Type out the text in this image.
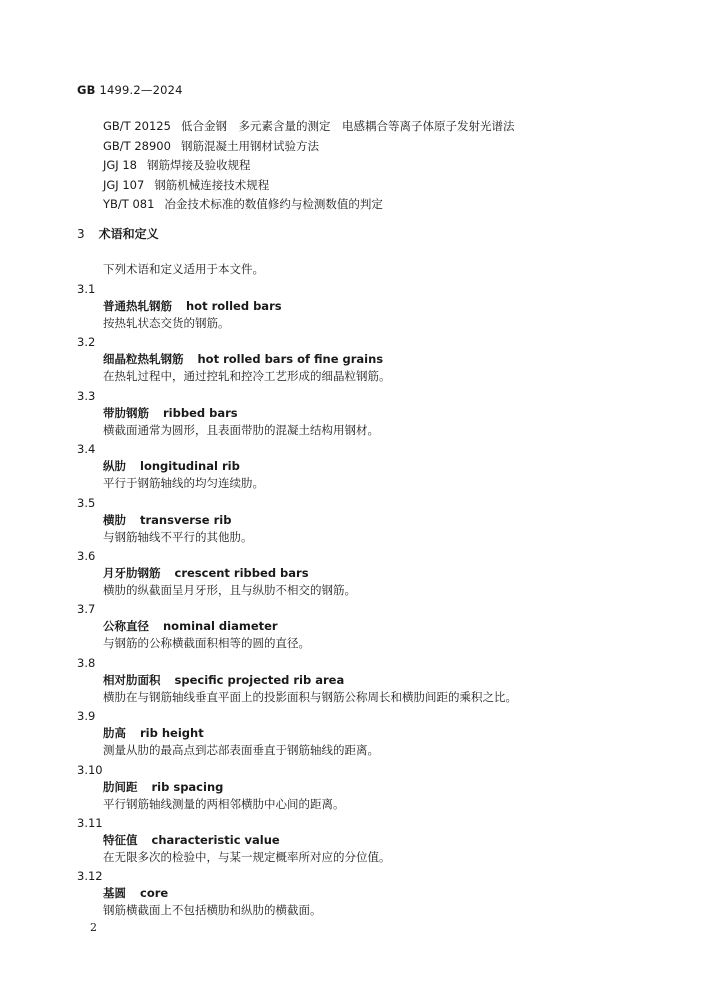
GB 1499.2—2024
GB/T 20125 低合金钢　多元素含量的测定　电感耦合等离子体原子发射光谱法
GB/T 28900 钢筋混凝土用钢材试验方法
JGJ 18 钢筋焊接及验收规程
JGJ 107 钢筋机械连接技术规程
YB/T 081 冶金技术标准的数值修约与检测数值的判定
3 术语和定义
下列术语和定义适用于本文件。
3.1
普通热轧钢筋 hot rolled bars
按热轧状态交货的钢筋。
3.2
细晶粒热轧钢筋 hot rolled bars of fine grains
在热轧过程中，通过控轧和控冷工艺形成的细晶粒钢筋。
3.3
带肋钢筋 ribbed bars
横截面通常为圆形，且表面带肋的混凝土结构用钢材。
3.4
纵肋 longitudinal rib
平行于钢筋轴线的均匀连续肋。
3.5
横肋 transverse rib
与钢筋轴线不平行的其他肋。
3.6
月牙肋钢筋 crescent ribbed bars
横肋的纵截面呈月牙形，且与纵肋不相交的钢筋。
3.7
公称直径 nominal diameter
与钢筋的公称横截面积相等的圆的直径。
3.8
相对肋面积 specific projected rib area
横肋在与钢筋轴线垂直平面上的投影面积与钢筋公称周长和横肋间距的乘积之比。
3.9
肋高 rib height
测量从肋的最高点到芯部表面垂直于钢筋轴线的距离。
3.10
肋间距 rib spacing
平行钢筋轴线测量的两相邻横肋中心间的距离。
3.11
特征值 characteristic value
在无限多次的检验中，与某一规定概率所对应的分位值。
3.12
基圆 core
钢筋横截面上不包括横肋和纵肋的横截面。
2
